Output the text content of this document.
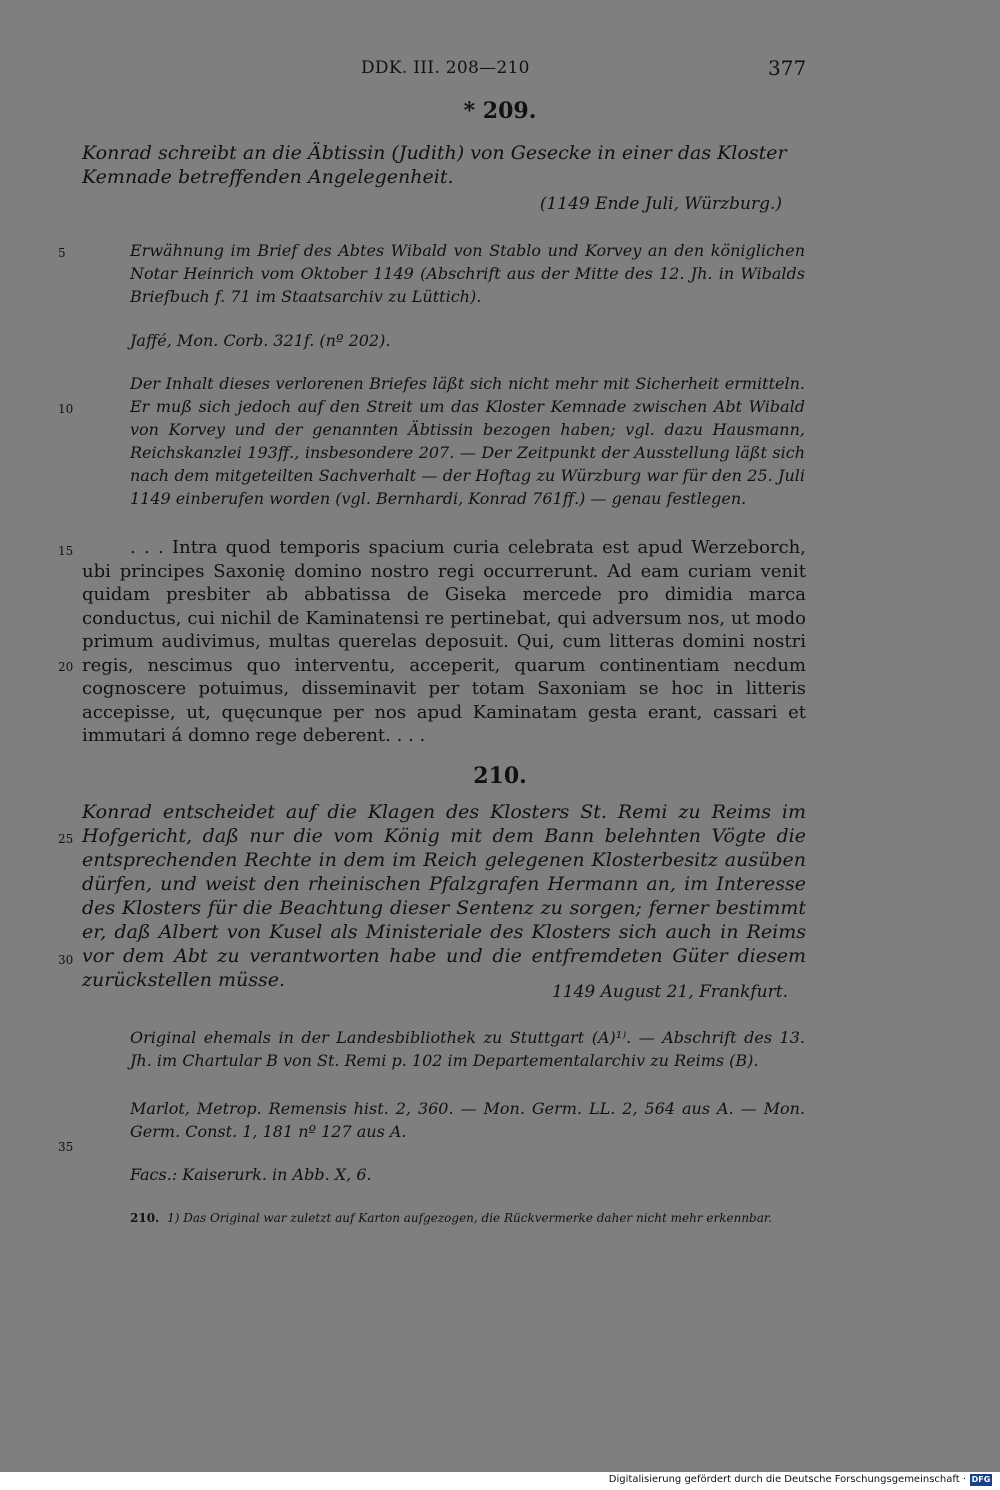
DDK. III. 208—210	377
* 209.
Konrad schreibt an die Äbtissin (Judith) von Gesecke in einer das Kloster
Kemnade betreffenden Angelegenheit.
(1149 Ende Juli, Würzburg.)
Erwähnung im Brief des Abtes Wibald von Stablo und Korvey an den königlichen Notar Heinrich vom Oktober 1149 (Abschrift aus der Mitte des 12. Jh. in Wibalds Briefbuch f. 71 im Staatsarchiv zu Lüttich).
Jaffé, Mon. Corb. 321f. (nº 202).
Der Inhalt dieses verlorenen Briefes läßt sich nicht mehr mit Sicherheit ermitteln. Er muß sich jedoch auf den Streit um das Kloster Kemnade zwischen Abt Wibald von Korvey und der genannten Äbtissin bezogen haben; vgl. dazu Hausmann, Reichskanzlei 193ff., insbesondere 207. — Der Zeitpunkt der Ausstellung läßt sich nach dem mitgeteilten Sachverhalt — der Hoftag zu Würzburg war für den 25. Juli 1149 einberufen worden (vgl. Bernhardi, Konrad 761ff.) — genau festlegen.
. . . Intra quod temporis spacium curia celebrata est apud Werzeborch, ubi principes Saxonię domino nostro regi occurrerunt. Ad eam curiam venit quidam presbiter ab abbatissa de Giseka mercede pro dimidia marca conductus, cui nichil de Kaminatensi re pertinebat, qui adversum nos, ut modo primum audivimus, multas querelas deposuit. Qui, cum litteras domini nostri regis, nescimus quo interventu, acceperit, quarum continentiam necdum cognoscere potuimus, disseminavit per totam Saxoniam se hoc in litteris accepisse, ut, quęcunque per nos apud Kaminatam gesta erant, cassari et immutari á domno rege deberent. . . .
210.
Konrad entscheidet auf die Klagen des Klosters St. Remi zu Reims im Hofgericht, daß nur die vom König mit dem Bann belehnten Vögte die entsprechenden Rechte in dem im Reich gelegenen Klosterbesitz ausüben dürfen, und weist den rheinischen Pfalzgrafen Hermann an, im Interesse des Klosters für die Beachtung dieser Sentenz zu sorgen; ferner bestimmt er, daß Albert von Kusel als Ministeriale des Klosters sich auch in Reims vor dem Abt zu verantworten habe und die entfremdeten Güter diesem zurückstellen müsse.
1149 August 21, Frankfurt.
Original ehemals in der Landesbibliothek zu Stuttgart (A)¹⁾. — Abschrift des 13. Jh. im Chartular B von St. Remi p. 102 im Departementalarchiv zu Reims (B).
Marlot, Metrop. Remensis hist. 2, 360. — Mon. Germ. LL. 2, 564 aus A. — Mon. Germ. Const. 1, 181 nº 127 aus A.
Facs.: Kaiserurk. in Abb. X, 6.
210. 1) Das Original war zuletzt auf Karton aufgezogen, die Rückvermerke daher nicht mehr erkennbar.
5
10
15
20
25
30
35
Digitalisierung gefördert durch die Deutsche Forschungsgemeinschaft · DFG
